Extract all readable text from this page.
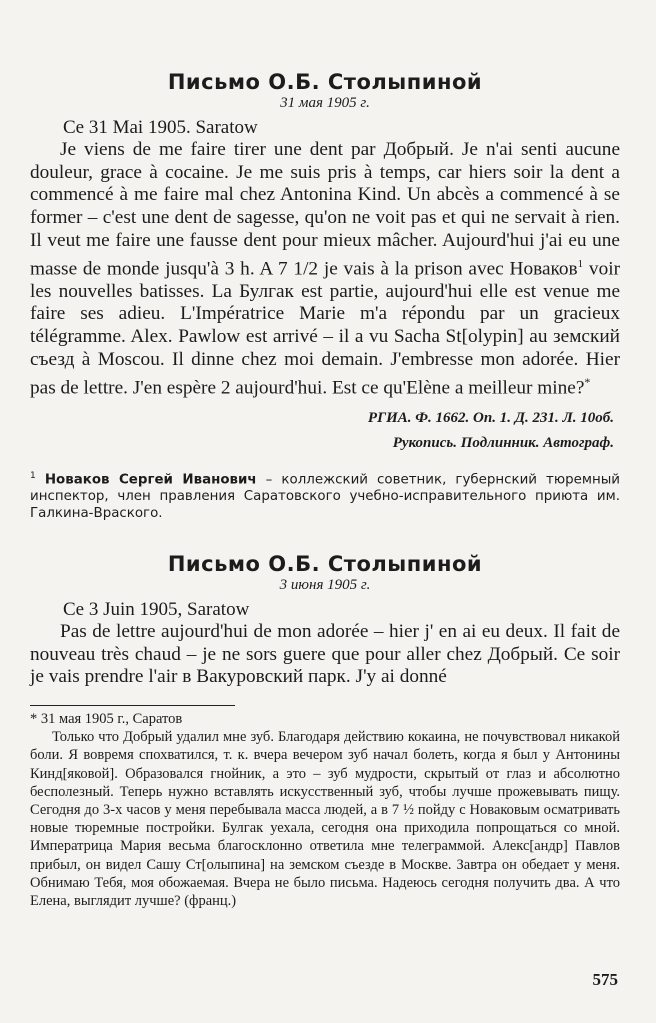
Письмо О.Б. Столыпиной
31 мая 1905 г.
Ce 31 Mai 1905. Saratow

Je viens de me faire tirer une dent par Добрый. Je n'ai senti aucune douleur, grace à cocaine. Je me suis pris à temps, car hiers soir la dent a commencé à me faire mal chez Antonina Kind. Un abcès a commencé à se former – c'est une dent de sagesse, qu'on ne voit pas et qui ne servait à rien. Il veut me faire une fausse dent pour mieux mâcher. Aujourd'hui j'ai eu une masse de monde jusqu'à 3 h. A 7 1/2 je vais à la prison avec Новаков$^1$ voir les nouvelles batisses. La Булгак est partie, aujourd'hui elle est venue me faire ses adieu. L'Impératrice Marie m'a répondu par un gracieux télégramme. Alex. Pawlow est arrivé – il a vu Sacha St[olypin] au земский съезд à Moscou. Il dinne chez moi demain. J'embresse mon adorée. Hier pas de lettre. J'en espère 2 aujourd'hui. Est ce qu'Elène a meilleur mine?*

РГИА. Ф. 1662. Оп. 1. Д. 231. Л. 10об.
Рукопись. Подлинник. Автограф.
$^1$ Новаков Сергей Иванович – коллежский советник, губернский тюремный инспектор, член правления Саратовского учебно-исправительного приюта им. Галкина-Враского.
Письмо О.Б. Столыпиной
3 июня 1905 г.
Ce 3 Juin 1905, Saratow

Pas de lettre aujourd'hui de mon adorée – hier j' en ai eu deux. Il fait de nouveau très chaud – je ne sors guere que pour aller chez Добрый. Ce soir je vais prendre l'air в Вакуровский парк. J'y ai donné

* 31 мая 1905 г., Саратов

Только что Добрый удалил мне зуб. Благодаря действию кокаина, не почувствовал никакой боли. Я вовремя спохватился, т. к. вчера вечером зуб начал болеть, когда я был у Антонины Кинд[яковой]. Образовался гнойник, а это – зуб мудрости, скрытый от глаз и абсолютно бесполезный. Теперь нужно вставлять искусственный зуб, чтобы лучше прожевывать пищу. Сегодня до 3-х часов у меня перебывала масса людей, а в 7 ½ пойду с Новаковым осматривать новые тюремные постройки. Булгак уехала, сегодня она приходила попрощаться со мной. Императрица Мария весьма благосклонно ответила мне телеграммой. Алекс[андр] Павлов прибыл, он видел Сашу Ст[олыпина] на земском съезде в Москве. Завтра он обедает у меня. Обнимаю Тебя, моя обожаемая. Вчера не было письма. Надеюсь сегодня получить два. А что Елена, выглядит лучше? (франц.)

575
